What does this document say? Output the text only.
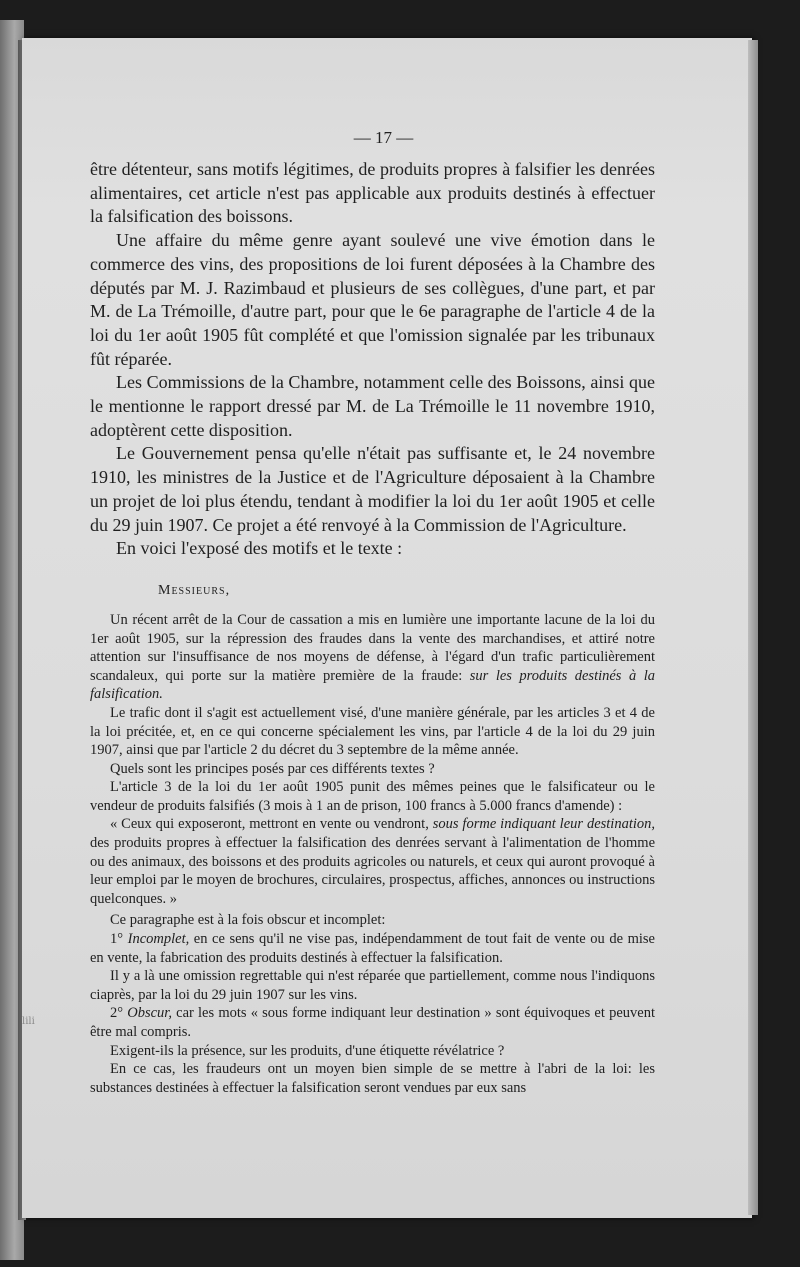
lili
— 17 —

être détenteur, sans motifs légitimes, de produits propres à falsifier les denrées alimentaires, cet article n'est pas applicable aux produits destinés à effectuer la falsification des boissons.

Une affaire du même genre ayant soulevé une vive émotion dans le commerce des vins, des propositions de loi furent déposées à la Chambre des députés par M. J. Razimbaud et plusieurs de ses collègues, d'une part, et par M. de La Trémoille, d'autre part, pour que le 6e paragraphe de l'article 4 de la loi du 1er août 1905 fût complété et que l'omission signalée par les tribunaux fût réparée.

Les Commissions de la Chambre, notamment celle des Boissons, ainsi que le mentionne le rapport dressé par M. de La Trémoille le 11 novembre 1910, adoptèrent cette disposition.

Le Gouvernement pensa qu'elle n'était pas suffisante et, le 24 novembre 1910, les ministres de la Justice et de l'Agriculture déposaient à la Chambre un projet de loi plus étendu, tendant à modifier la loi du 1er août 1905 et celle du 29 juin 1907. Ce projet a été renvoyé à la Commission de l'Agriculture.

En voici l'exposé des motifs et le texte :

Messieurs,

Un récent arrêt de la Cour de cassation a mis en lumière une importante lacune de la loi du 1er août 1905, sur la répression des fraudes dans la vente des marchandises, et attiré notre attention sur l'insuffisance de nos moyens de défense, à l'égard d'un trafic particulièrement scandaleux, qui porte sur la matière première de la fraude: sur les produits destinés à la falsification.

Le trafic dont il s'agit est actuellement visé, d'une manière générale, par les articles 3 et 4 de la loi précitée, et, en ce qui concerne spécialement les vins, par l'article 4 de la loi du 29 juin 1907, ainsi que par l'article 2 du décret du 3 septembre de la même année.

Quels sont les principes posés par ces différents textes ?

L'article 3 de la loi du 1er août 1905 punit des mêmes peines que le falsificateur ou le vendeur de produits falsifiés (3 mois à 1 an de prison, 100 francs à 5.000 francs d'amende) :

« Ceux qui exposeront, mettront en vente ou vendront, sous forme indiquant leur destination, des produits propres à effectuer la falsification des denrées servant à l'alimentation de l'homme ou des animaux, des boissons et des produits agricoles ou naturels, et ceux qui auront provoqué à leur emploi par le moyen de brochures, circulaires, prospectus, affiches, annonces ou instructions quelconques. »

Ce paragraphe est à la fois obscur et incomplet:

1° Incomplet, en ce sens qu'il ne vise pas, indépendamment de tout fait de vente ou de mise en vente, la fabrication des produits destinés à effectuer la falsification.

Il y a là une omission regrettable qui n'est réparée que partiellement, comme nous l'indiquons ciaprès, par la loi du 29 juin 1907 sur les vins.

2° Obscur, car les mots « sous forme indiquant leur destination » sont équivoques et peuvent être mal compris.

Exigent-ils la présence, sur les produits, d'une étiquette révélatrice ?

En ce cas, les fraudeurs ont un moyen bien simple de se mettre à l'abri de la loi: les substances destinées à effectuer la falsification seront vendues par eux sans
